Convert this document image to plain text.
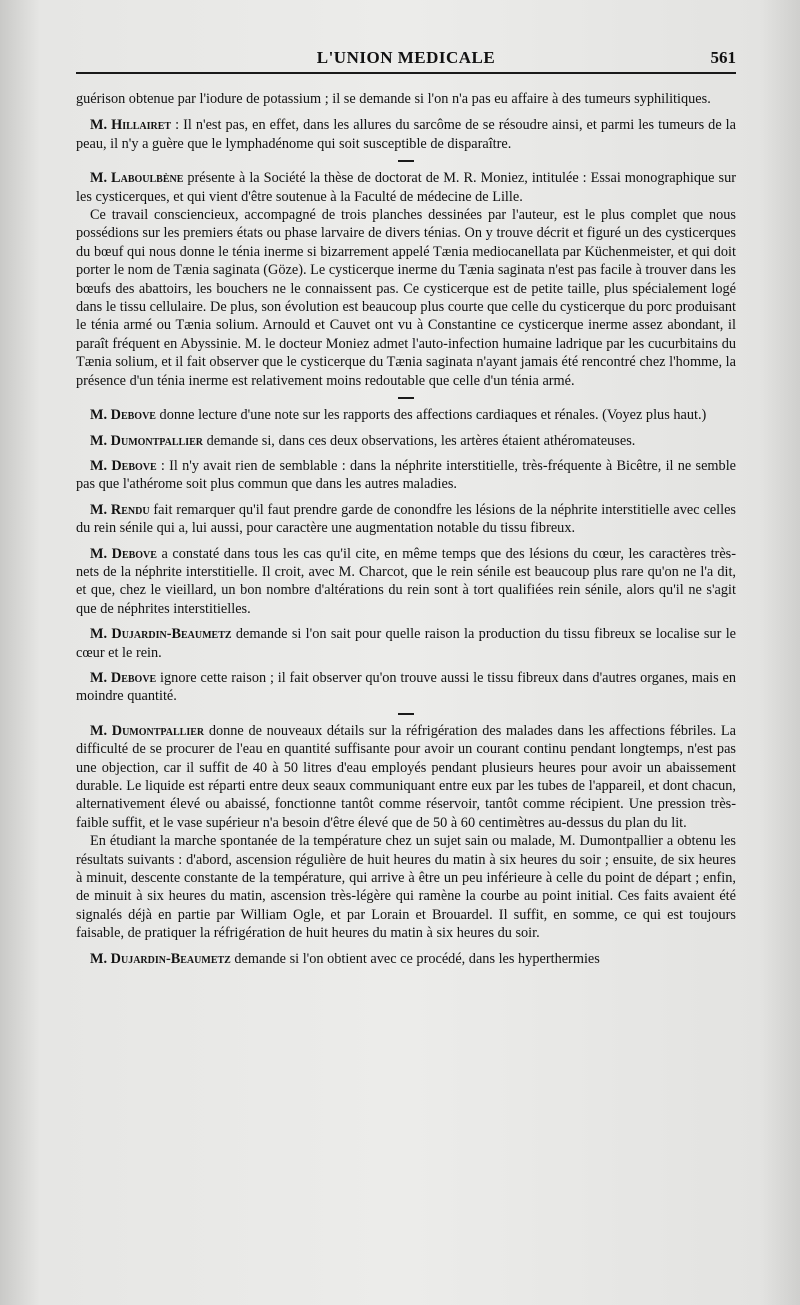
L'UNION MEDICALE	561

guérison obtenue par l'iodure de potassium ; il se demande si l'on n'a pas eu affaire à des tumeurs syphilitiques.

M. Hillairet : Il n'est pas, en effet, dans les allures du sarcôme de se résoudre ainsi, et parmi les tumeurs de la peau, il n'y a guère que le lymphadénome qui soit susceptible de disparaître.

M. Laboulbène présente à la Société la thèse de doctorat de M. R. Moniez, intitulée : Essai monographique sur les cysticerques, et qui vient d'être soutenue à la Faculté de médecine de Lille.

Ce travail consciencieux, accompagné de trois planches dessinées par l'auteur, est le plus complet que nous possédions sur les premiers états ou phase larvaire de divers ténias. On y trouve décrit et figuré un des cysticerques du bœuf qui nous donne le ténia inerme si bizarrement appelé Tænia mediocanellata par Küchenmeister, et qui doit porter le nom de Tænia saginata (Göze). Le cysticerque inerme du Tænia saginata n'est pas facile à trouver dans les bœufs des abattoirs, les bouchers ne le connaissent pas. Ce cysticerque est de petite taille, plus spécialement logé dans le tissu cellulaire. De plus, son évolution est beaucoup plus courte que celle du cysticerque du porc produisant le ténia armé ou Tænia solium. Arnould et Cauvet ont vu à Constantine ce cysticerque inerme assez abondant, il paraît fréquent en Abyssinie. M. le docteur Moniez admet l'auto-infection humaine ladrique par les cucurbitains du Tænia solium, et il fait observer que le cysticerque du Tænia saginata n'ayant jamais été rencontré chez l'homme, la présence d'un ténia inerme est relativement moins redoutable que celle d'un ténia armé.

M. Debove donne lecture d'une note sur les rapports des affections cardiaques et rénales. (Voyez plus haut.)

M. Dumontpallier demande si, dans ces deux observations, les artères étaient athéromateuses.

M. Debove : Il n'y avait rien de semblable : dans la néphrite interstitielle, très-fréquente à Bicêtre, il ne semble pas que l'athérome soit plus commun que dans les autres maladies.

M. Rendu fait remarquer qu'il faut prendre garde de conondfre les lésions de la néphrite interstitielle avec celles du rein sénile qui a, lui aussi, pour caractère une augmentation notable du tissu fibreux.

M. Debove a constaté dans tous les cas qu'il cite, en même temps que des lésions du cœur, les caractères très-nets de la néphrite interstitielle. Il croit, avec M. Charcot, que le rein sénile est beaucoup plus rare qu'on ne l'a dit, et que, chez le vieillard, un bon nombre d'altérations du rein sont à tort qualifiées rein sénile, alors qu'il ne s'agit que de néphrites interstitielles.

M. Dujardin-Beaumetz demande si l'on sait pour quelle raison la production du tissu fibreux se localise sur le cœur et le rein.

M. Debove ignore cette raison ; il fait observer qu'on trouve aussi le tissu fibreux dans d'autres organes, mais en moindre quantité.

M. Dumontpallier donne de nouveaux détails sur la réfrigération des malades dans les affections fébriles. La difficulté de se procurer de l'eau en quantité suffisante pour avoir un courant continu pendant longtemps, n'est pas une objection, car il suffit de 40 à 50 litres d'eau employés pendant plusieurs heures pour avoir un abaissement durable. Le liquide est réparti entre deux seaux communiquant entre eux par les tubes de l'appareil, et dont chacun, alternativement élevé ou abaissé, fonctionne tantôt comme réservoir, tantôt comme récipient. Une pression très-faible suffit, et le vase supérieur n'a besoin d'être élevé que de 50 à 60 centimètres au-dessus du plan du lit.

En étudiant la marche spontanée de la température chez un sujet sain ou malade, M. Dumontpallier a obtenu les résultats suivants : d'abord, ascension régulière de huit heures du matin à six heures du soir ; ensuite, de six heures à minuit, descente constante de la température, qui arrive à être un peu inférieure à celle du point de départ ; enfin, de minuit à six heures du matin, ascension très-légère qui ramène la courbe au point initial. Ces faits avaient été signalés déjà en partie par William Ogle, et par Lorain et Brouardel. Il suffit, en somme, ce qui est toujours faisable, de pratiquer la réfrigération de huit heures du matin à six heures du soir.

M. Dujardin-Beaumetz demande si l'on obtient avec ce procédé, dans les hyperthermies
